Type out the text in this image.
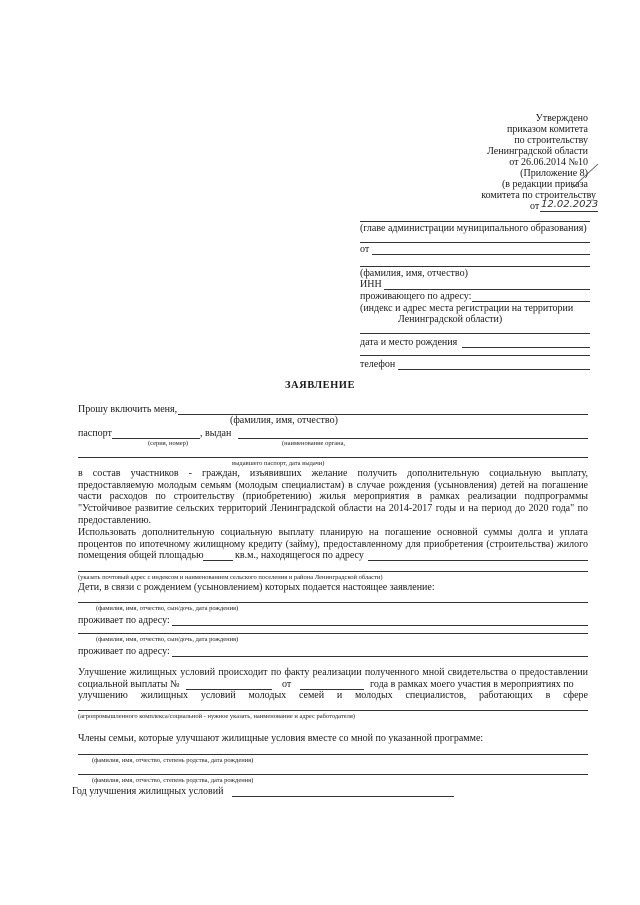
Утверждено
приказом комитета
по строительству
Ленинградской области
от 26.06.2014 №10
(Приложение 8)
(в редакции приказа
комитета по строительству
от 12.02.2023
(главе администрации муниципального образования)
от
(фамилия, имя, отчество)
ИНН
проживающего по адресу:
(индекс и адрес места регистрации на территории
Ленинградской области)
дата и место рождения
телефон
ЗАЯВЛЕНИЕ
Прошу включить меня,
(фамилия, имя, отчество)
паспорт	, выдан
(серия, номер)	(наименование органа,
выдавшего паспорт, дата выдачи)
в состав участников - граждан, изъявивших желание получить дополнительную социальную выплату,
предоставляемую молодым семьям (молодым специалистам) в случае рождения (усыновления) детей на погашение
части расходов по строительству (приобретению) жилья мероприятия в рамках реализации подпрограммы
"Устойчивое развитие сельских территорий Ленинградской области на 2014-2017 годы и на период до 2020 года" по
предоставлению.
Использовать дополнительную социальную выплату планирую на погашение основной суммы долга и уплата
процентов по ипотечному жилищному кредиту (займу), предоставленному для приобретения (строительства) жилого
помещения общей площадью	кв.м., находящегося по адресу
(указать почтовый адрес с индексом и наименованием сельского поселения и района Ленинградской области)
Дети, в связи с рождением (усыновлением) которых подается настоящее заявление:
(фамилия, имя, отчество, сын/дочь, дата рождения)
проживает по адресу:
(фамилия, имя, отчество, сын/дочь, дата рождения)
проживает по адресу:
Улучшение жилищных условий происходит по факту реализации полученного мной свидетельства о предоставлении
социальной выплаты №	от	года в рамках моего участия в мероприятиях по
улучшению жилищных условий молодых семей и молодых специалистов, работающих в сфере
(агропромышленного комплекса/социальной - нужное указать, наименование и адрес работодателя)
Члены семьи, которые улучшают жилищные условия вместе со мной по указанной программе:
(фамилия, имя, отчество, степень родства, дата рождения)
(фамилия, имя, отчество, степень родства, дата рождения)
Год улучшения жилищных условий
